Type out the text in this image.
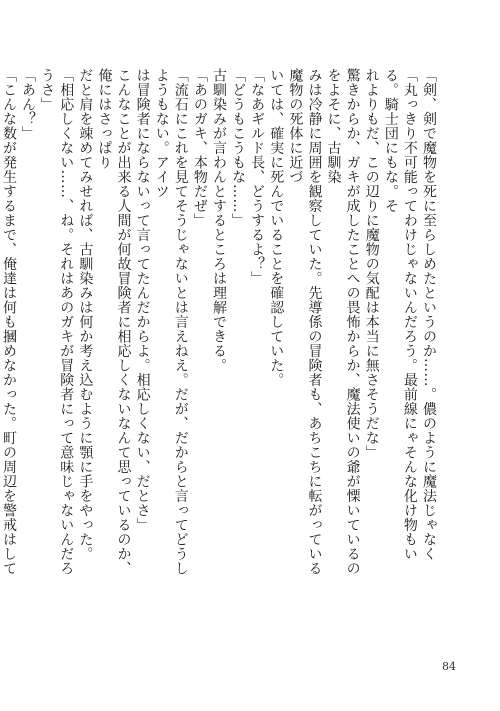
「剣、剣で魔物を死に至らしめたというのか……。儂のように魔法じゃなく

「丸っきり不可能ってわけじゃないんだろう。最前線にゃそんな化け物もいる。騎士団にもな。そ

れよりもだ、この辺りに魔物の気配は本当に無さそうだな」

驚きからか、ガキが成したことへの畏怖からか、魔法使いの爺が慄いているのをよそに、古馴染

みは冷静に周囲を観察していた。先導係の冒険者も、あちこちに転がっている魔物の死体に近づ

いては、確実に死んでいることを確認していた。

「なあギルド長、どうするよ？」

「どうもこうもな……」

古馴染みが言わんとするところは理解できる。

「あのガキ、本物だぜ」

「流石にこれを見てそうじゃないとは言えねえ。だが、だからと言ってどうしようもない。アイツ

は冒険者にならないって言ってたんだからよ。相応しくない、だとさ」

こんなことが出来る人間が何故冒険者に相応しくないなんて思っているのか、俺にはさっぱり

だと肩を竦めてみせれば、古馴染みは何か考え込むように顎に手をやった。

「相応しくない……、ね。それはあのガキが冒険者にって意味じゃないんだろうさ」

「あん？」

「こんな数が発生するまで、俺達は何も摑めなかった。町の周辺を警戒はして

84
